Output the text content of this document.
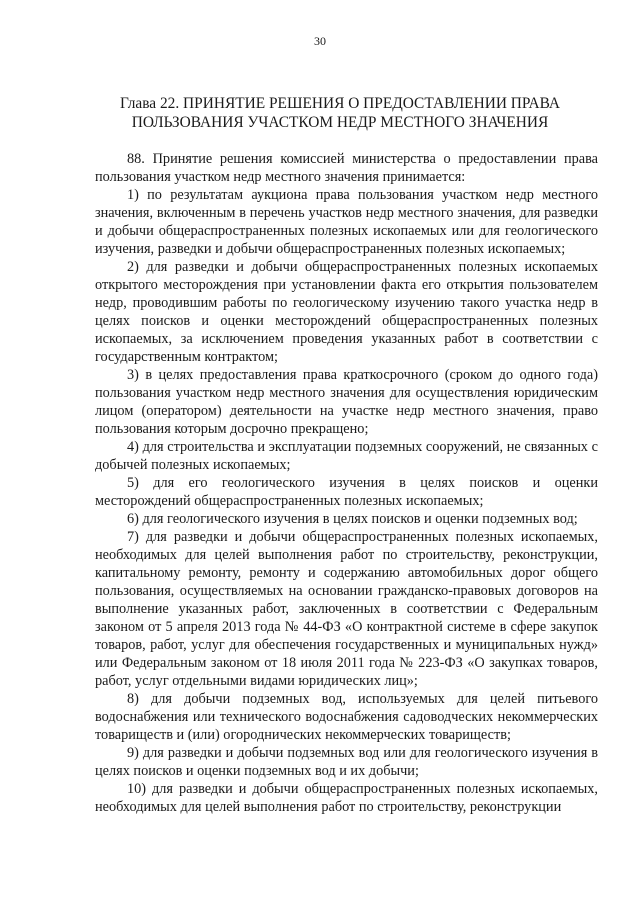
30
Глава 22. ПРИНЯТИЕ РЕШЕНИЯ О ПРЕДОСТАВЛЕНИИ ПРАВА
ПОЛЬЗОВАНИЯ УЧАСТКОМ НЕДР МЕСТНОГО ЗНАЧЕНИЯ

88. Принятие решения комиссией министерства о предоставлении права пользования участком недр местного значения принимается:

1) по результатам аукциона права пользования участком недр местного значения, включенным в перечень участков недр местного значения, для разведки и добычи общераспространенных полезных ископаемых или для геологического изучения, разведки и добычи общераспространенных полезных ископаемых;

2) для разведки и добычи общераспространенных полезных ископаемых открытого месторождения при установлении факта его открытия пользователем недр, проводившим работы по геологическому изучению такого участка недр в целях поисков и оценки месторождений общераспространенных полезных ископаемых, за исключением проведения указанных работ в соответствии с государственным контрактом;

3) в целях предоставления права краткосрочного (сроком до одного года) пользования участком недр местного значения для осуществления юридическим лицом (оператором) деятельности на участке недр местного значения, право пользования которым досрочно прекращено;

4) для строительства и эксплуатации подземных сооружений, не связанных с добычей полезных ископаемых;

5) для его геологического изучения в целях поисков и оценки месторождений общераспространенных полезных ископаемых;

6) для геологического изучения в целях поисков и оценки подземных вод;

7) для разведки и добычи общераспространенных полезных ископаемых, необходимых для целей выполнения работ по строительству, реконструкции, капитальному ремонту, ремонту и содержанию автомобильных дорог общего пользования, осуществляемых на основании гражданско-правовых договоров на выполнение указанных работ, заключенных в соответствии с Федеральным законом от 5 апреля 2013 года № 44-ФЗ «О контрактной системе в сфере закупок товаров, работ, услуг для обеспечения государственных и муниципальных нужд» или Федеральным законом от 18 июля 2011 года № 223-ФЗ «О закупках товаров, работ, услуг отдельными видами юридических лиц»;

8) для добычи подземных вод, используемых для целей питьевого водоснабжения или технического водоснабжения садоводческих некоммерческих товариществ и (или) огороднических некоммерческих товариществ;

9) для разведки и добычи подземных вод или для геологического изучения в целях поисков и оценки подземных вод и их добычи;

10) для разведки и добычи общераспространенных полезных ископаемых, необходимых для целей выполнения работ по строительству, реконструкции
